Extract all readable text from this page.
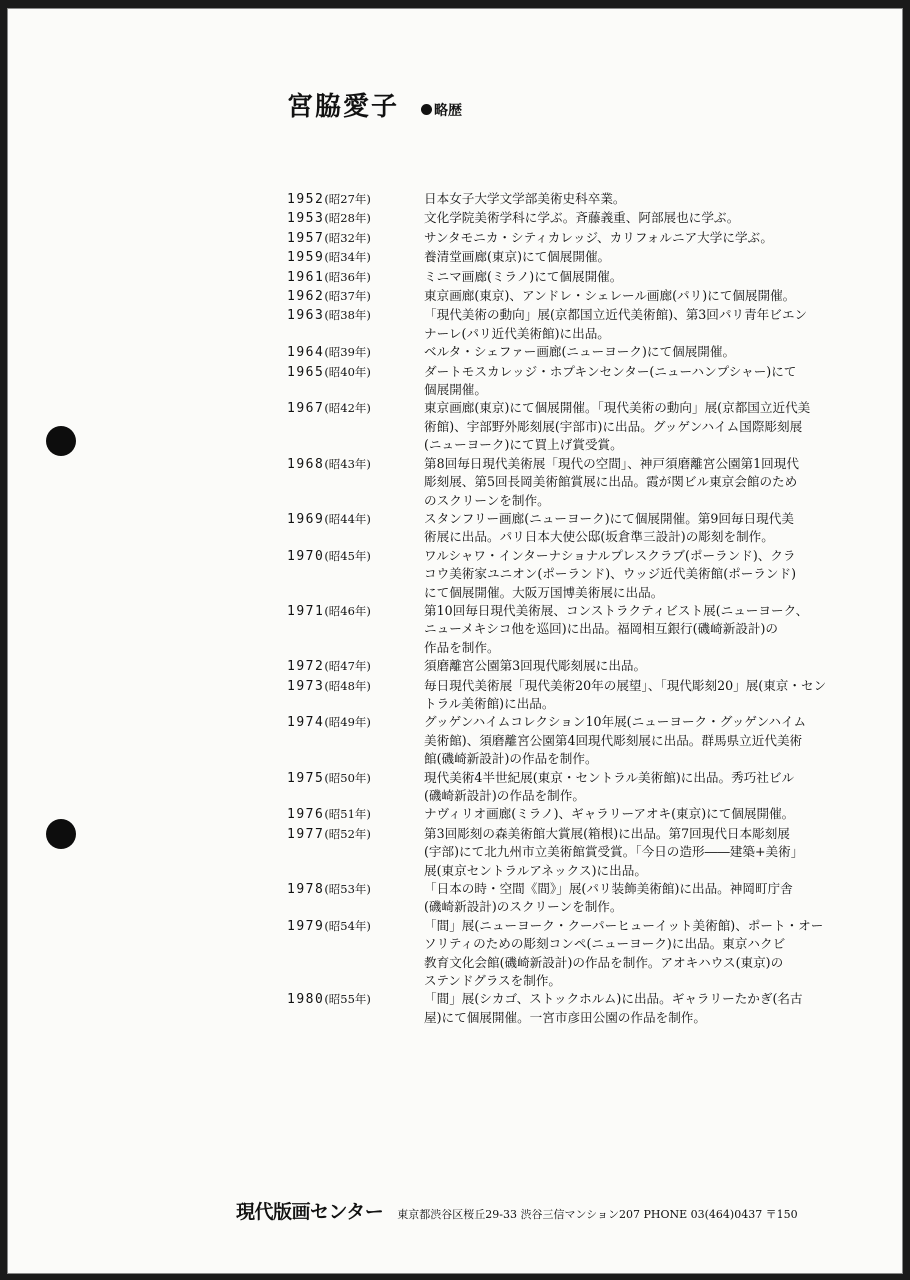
宮脇愛子	略歴
1952(昭27年)	日本女子大学文学部美術史科卒業。
1953(昭28年)	文化学院美術学科に学ぶ。斉藤義重、阿部展也に学ぶ。
1957(昭32年)	サンタモニカ・シティカレッジ、カリフォルニア大学に学ぶ。
1959(昭34年)	養清堂画廊(東京)にて個展開催。
1961(昭36年)	ミニマ画廊(ミラノ)にて個展開催。
1962(昭37年)	東京画廊(東京)、アンドレ・シェレール画廊(パリ)にて個展開催。
1963(昭38年)	「現代美術の動向」展(京都国立近代美術館)、第3回パリ青年ビエン
ナーレ(パリ近代美術館)に出品。
1964(昭39年)	ベルタ・シェファー画廊(ニューヨーク)にて個展開催。
1965(昭40年)	ダートモスカレッジ・ホプキンセンター(ニューハンプシャー)にて
個展開催。
1967(昭42年)	東京画廊(東京)にて個展開催。「現代美術の動向」展(京都国立近代美
術館)、宇部野外彫刻展(宇部市)に出品。グッゲンハイム国際彫刻展
(ニューヨーク)にて買上げ賞受賞。
1968(昭43年)	第8回毎日現代美術展「現代の空間」、神戸須磨離宮公園第1回現代
彫刻展、第5回長岡美術館賞展に出品。霞が関ビル東京会館のため
のスクリーンを制作。
1969(昭44年)	スタンフリー画廊(ニューヨーク)にて個展開催。第9回毎日現代美
術展に出品。パリ日本大使公邸(坂倉準三設計)の彫刻を制作。
1970(昭45年)	ワルシャワ・インターナショナルプレスクラブ(ポーランド)、クラ
コウ美術家ユニオン(ポーランド)、ウッジ近代美術館(ポーランド)
にて個展開催。大阪万国博美術展に出品。
1971(昭46年)	第10回毎日現代美術展、コンストラクティビスト展(ニューヨーク、
ニューメキシコ他を巡回)に出品。福岡相互銀行(磯崎新設計)の
作品を制作。
1972(昭47年)	須磨離宮公園第3回現代彫刻展に出品。
1973(昭48年)	毎日現代美術展「現代美術20年の展望」、「現代彫刻20」展(東京・セン
トラル美術館)に出品。
1974(昭49年)	グッゲンハイムコレクション10年展(ニューヨーク・グッゲンハイム
美術館)、須磨離宮公園第4回現代彫刻展に出品。群馬県立近代美術
館(磯崎新設計)の作品を制作。
1975(昭50年)	現代美術4半世紀展(東京・セントラル美術館)に出品。秀巧社ビル
(磯崎新設計)の作品を制作。
1976(昭51年)	ナヴィリオ画廊(ミラノ)、ギャラリーアオキ(東京)にて個展開催。
1977(昭52年)	第3回彫刻の森美術館大賞展(箱根)に出品。第7回現代日本彫刻展
(宇部)にて北九州市立美術館賞受賞。「今日の造形――建築+美術」
展(東京セントラルアネックス)に出品。
1978(昭53年)	「日本の時・空間《間》」展(パリ装飾美術館)に出品。神岡町庁舎
(磯崎新設計)のスクリーンを制作。
1979(昭54年)	「間」展(ニューヨーク・クーパーヒューイット美術館)、ポート・オー
ソリティのための彫刻コンペ(ニューヨーク)に出品。東京ハクビ
教育文化会館(磯崎新設計)の作品を制作。アオキハウス(東京)の
ステンドグラスを制作。
1980(昭55年)	「間」展(シカゴ、ストックホルム)に出品。ギャラリーたかぎ(名古
屋)にて個展開催。一宮市彦田公園の作品を制作。
現代版画センター 東京都渋谷区桜丘29-33 渋谷三信マンション207 PHONE 03(464)0437 〒150
